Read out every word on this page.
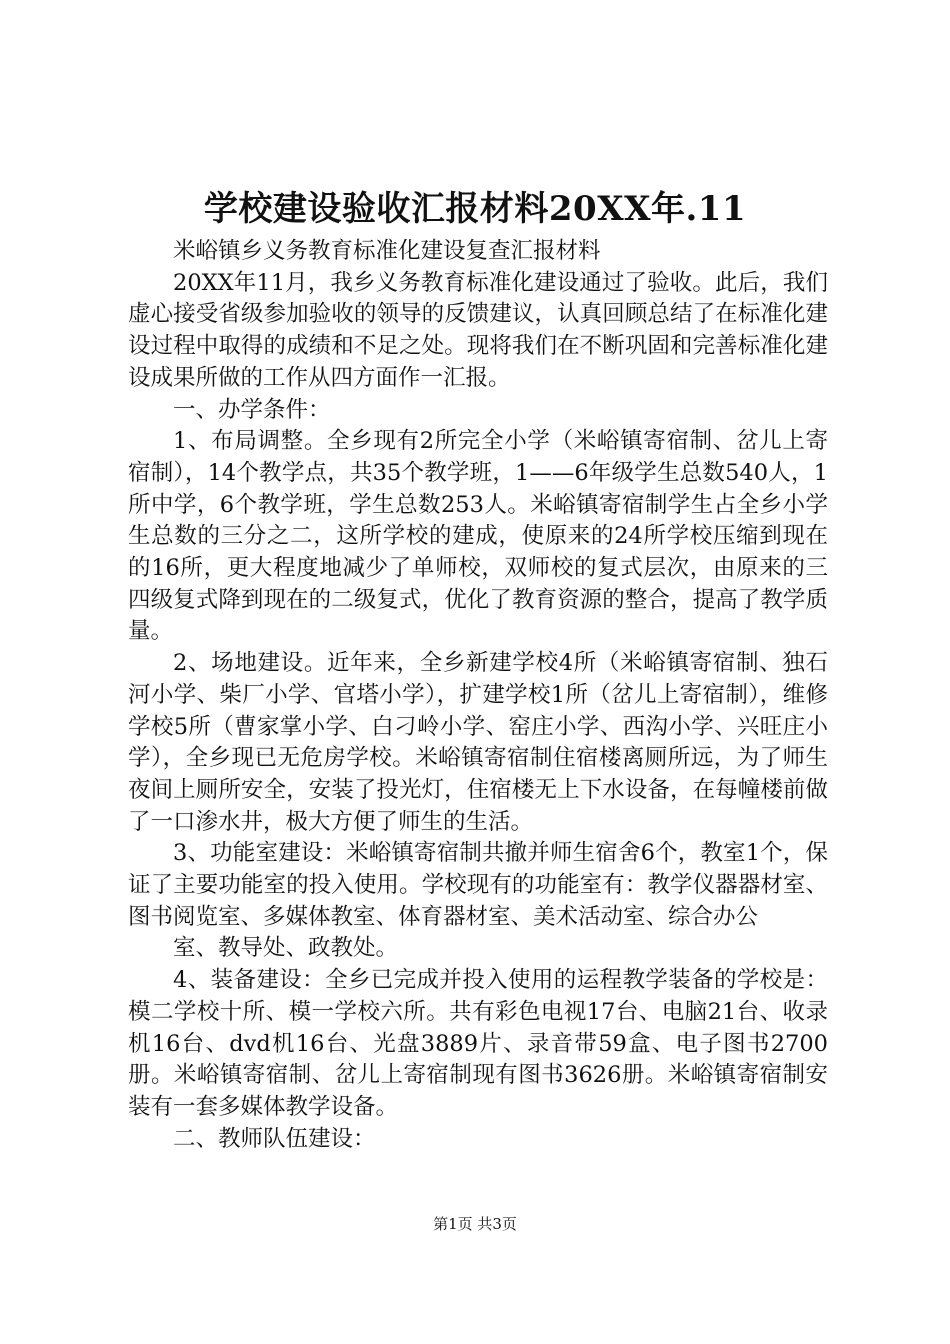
学校建设验收汇报材料20XX年.11

米峪镇乡义务教育标准化建设复查汇报材料

20XX年11月，我乡义务教育标准化建设通过了验收。此后，我们虚心接受省级参加验收的领导的反馈建议，认真回顾总结了在标准化建设过程中取得的成绩和不足之处。现将我们在不断巩固和完善标准化建设成果所做的工作从四方面作一汇报。

一、办学条件：

1、布局调整。全乡现有2所完全小学（米峪镇寄宿制、岔儿上寄宿制），14个教学点，共35个教学班，1——6年级学生总数540人，1所中学，6个教学班，学生总数253人。米峪镇寄宿制学生占全乡小学生总数的三分之二，这所学校的建成，使原来的24所学校压缩到现在的16所，更大程度地减少了单师校，双师校的复式层次，由原来的三四级复式降到现在的二级复式，优化了教育资源的整合，提高了教学质量。

2、场地建设。近年来，全乡新建学校4所（米峪镇寄宿制、独石河小学、柴厂小学、官塔小学），扩建学校1所（岔儿上寄宿制），维修学校5所（曹家掌小学、白刁岭小学、窑庄小学、西沟小学、兴旺庄小学），全乡现已无危房学校。米峪镇寄宿制住宿楼离厕所远，为了师生夜间上厕所安全，安装了投光灯，住宿楼无上下水设备，在每幢楼前做了一口渗水井，极大方便了师生的生活。

3、功能室建设：米峪镇寄宿制共撤并师生宿舍6个，教室1个，保证了主要功能室的投入使用。学校现有的功能室有：教学仪器器材室、图书阅览室、多媒体教室、体育器材室、美术活动室、综合办公

室、教导处、政教处。

4、装备建设：全乡已完成并投入使用的运程教学装备的学校是：模二学校十所、模一学校六所。共有彩色电视17台、电脑21台、收录机16台、dvd机16台、光盘3889片、录音带59盒、电子图书2700册。米峪镇寄宿制、岔儿上寄宿制现有图书3626册。米峪镇寄宿制安装有一套多媒体教学设备。

二、教师队伍建设：

第1页 共3页
